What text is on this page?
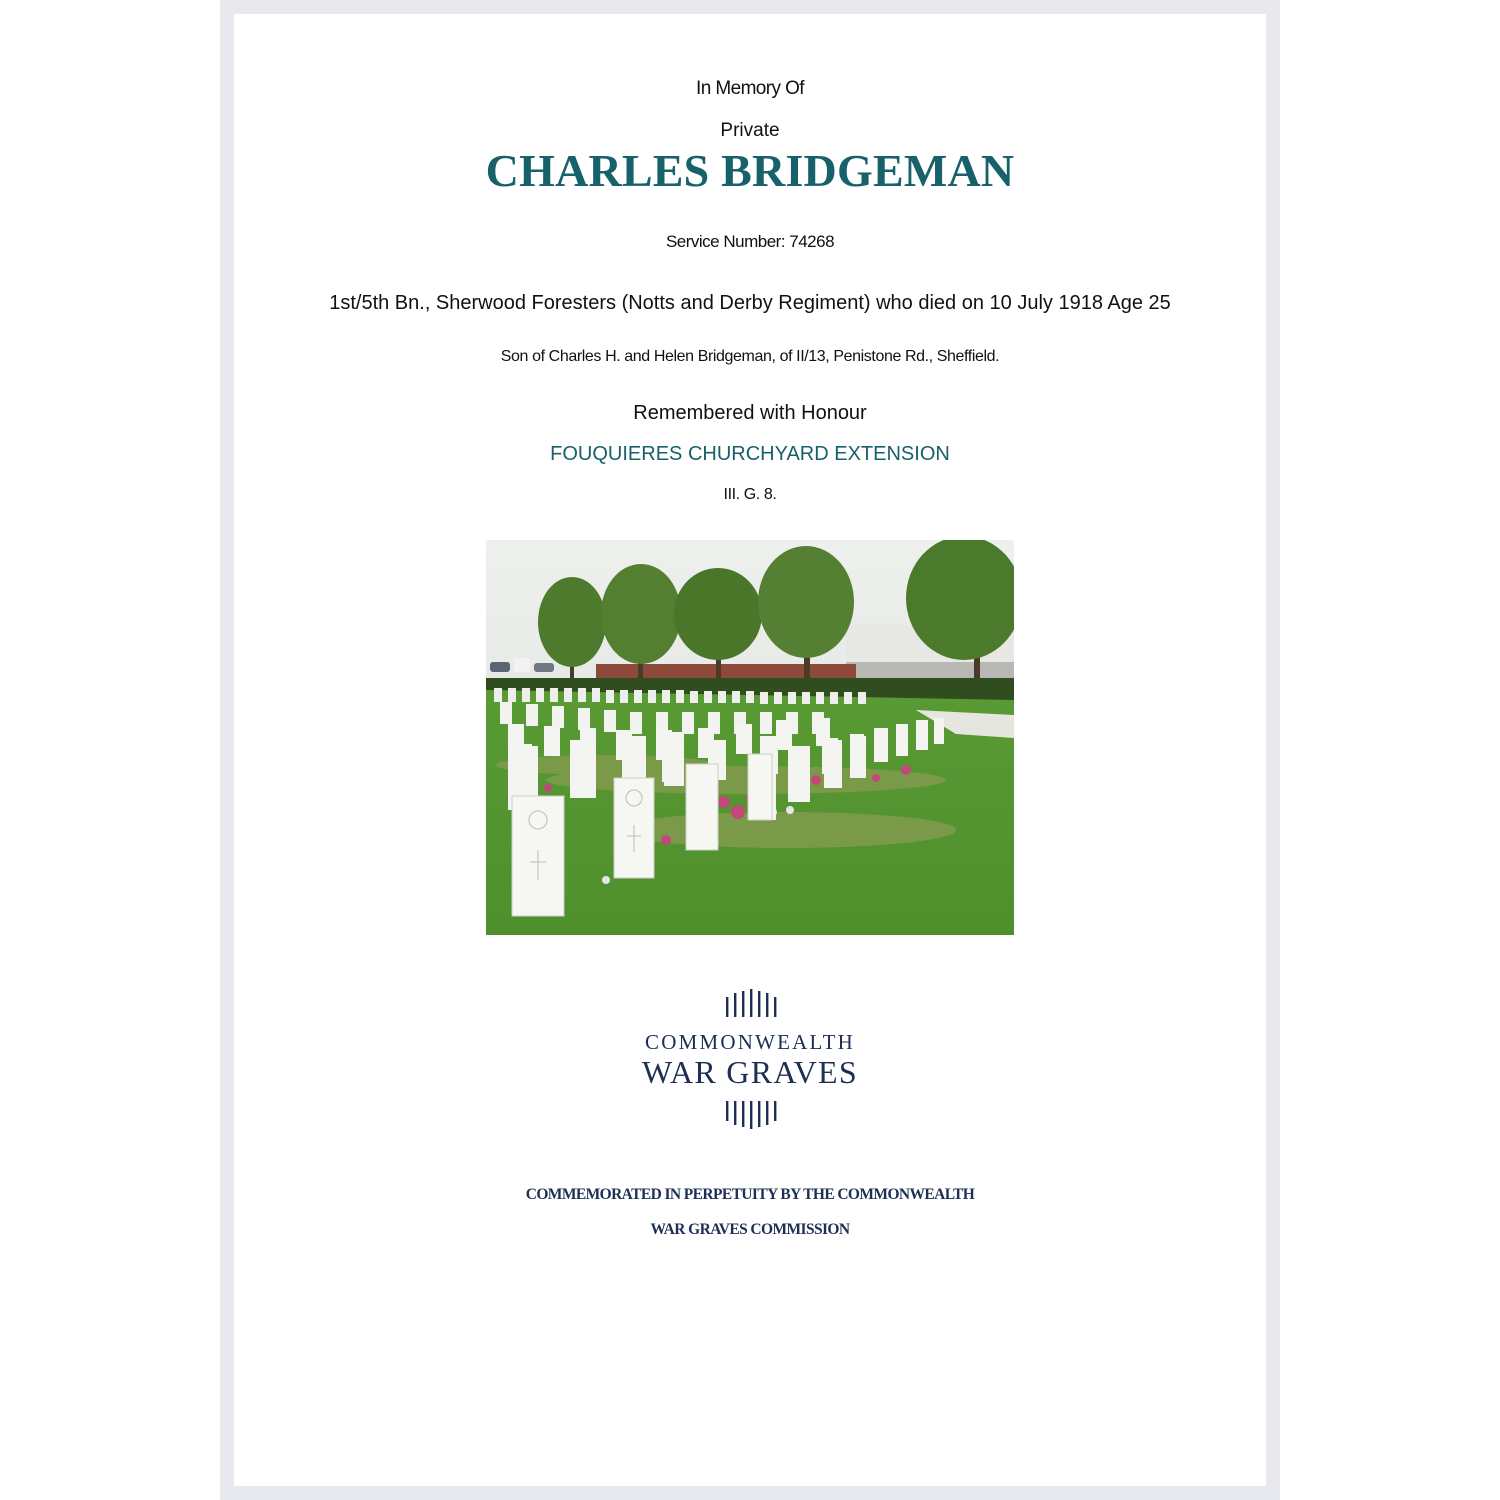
In Memory Of
Private
CHARLES BRIDGEMAN
Service Number: 74268
1st/5th Bn., Sherwood Foresters (Notts and Derby Regiment) who died on 10 July 1918 Age 25
Son of Charles H. and Helen Bridgeman, of II/13, Penistone Rd., Sheffield.
Remembered with Honour
FOUQUIERES CHURCHYARD EXTENSION
III. G. 8.
COMMONWEALTH
WAR GRAVES
COMMEMORATED IN PERPETUITY BY THE COMMONWEALTH
WAR GRAVES COMMISSION
